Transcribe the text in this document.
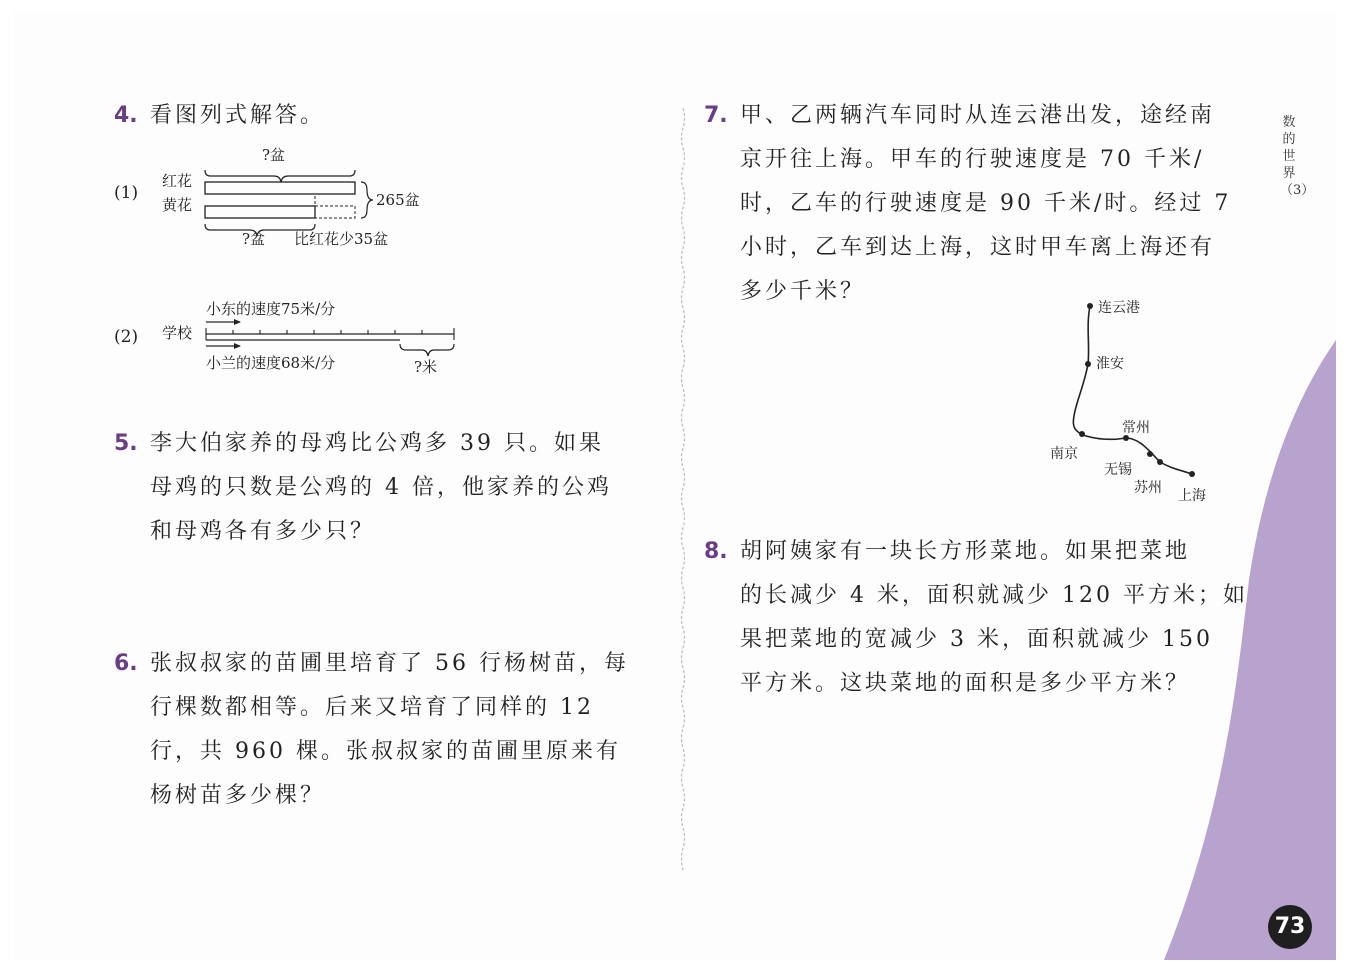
数的世界（3）
4. 看图列式解答。
(1)
红花
黄花
?盆
265盆
?盆 比红花少35盆
(2) 学校
小东的速度75米/分
小兰的速度68米/分	?米
5. 李大伯家养的母鸡比公鸡多 39 只。如果
母鸡的只数是公鸡的 4 倍，他家养的公鸡
和母鸡各有多少只？
6. 张叔叔家的苗圃里培育了 56 行杨树苗，每
行棵数都相等。后来又培育了同样的 12
行，共 960 棵。张叔叔家的苗圃里原来有
杨树苗多少棵？
7. 甲、乙两辆汽车同时从连云港出发，途经南
京开往上海。甲车的行驶速度是 70 千米/
时，乙车的行驶速度是 90 千米/时。经过 7
小时，乙车到达上海，这时甲车离上海还有
多少千米？
连云港
淮安
常州
南京
无锡
苏州 上海
8. 胡阿姨家有一块长方形菜地。如果把菜地
的长减少 4 米，面积就减少 120 平方米；如
果把菜地的宽减少 3 米，面积就减少 150
平方米。这块菜地的面积是多少平方米？
73
